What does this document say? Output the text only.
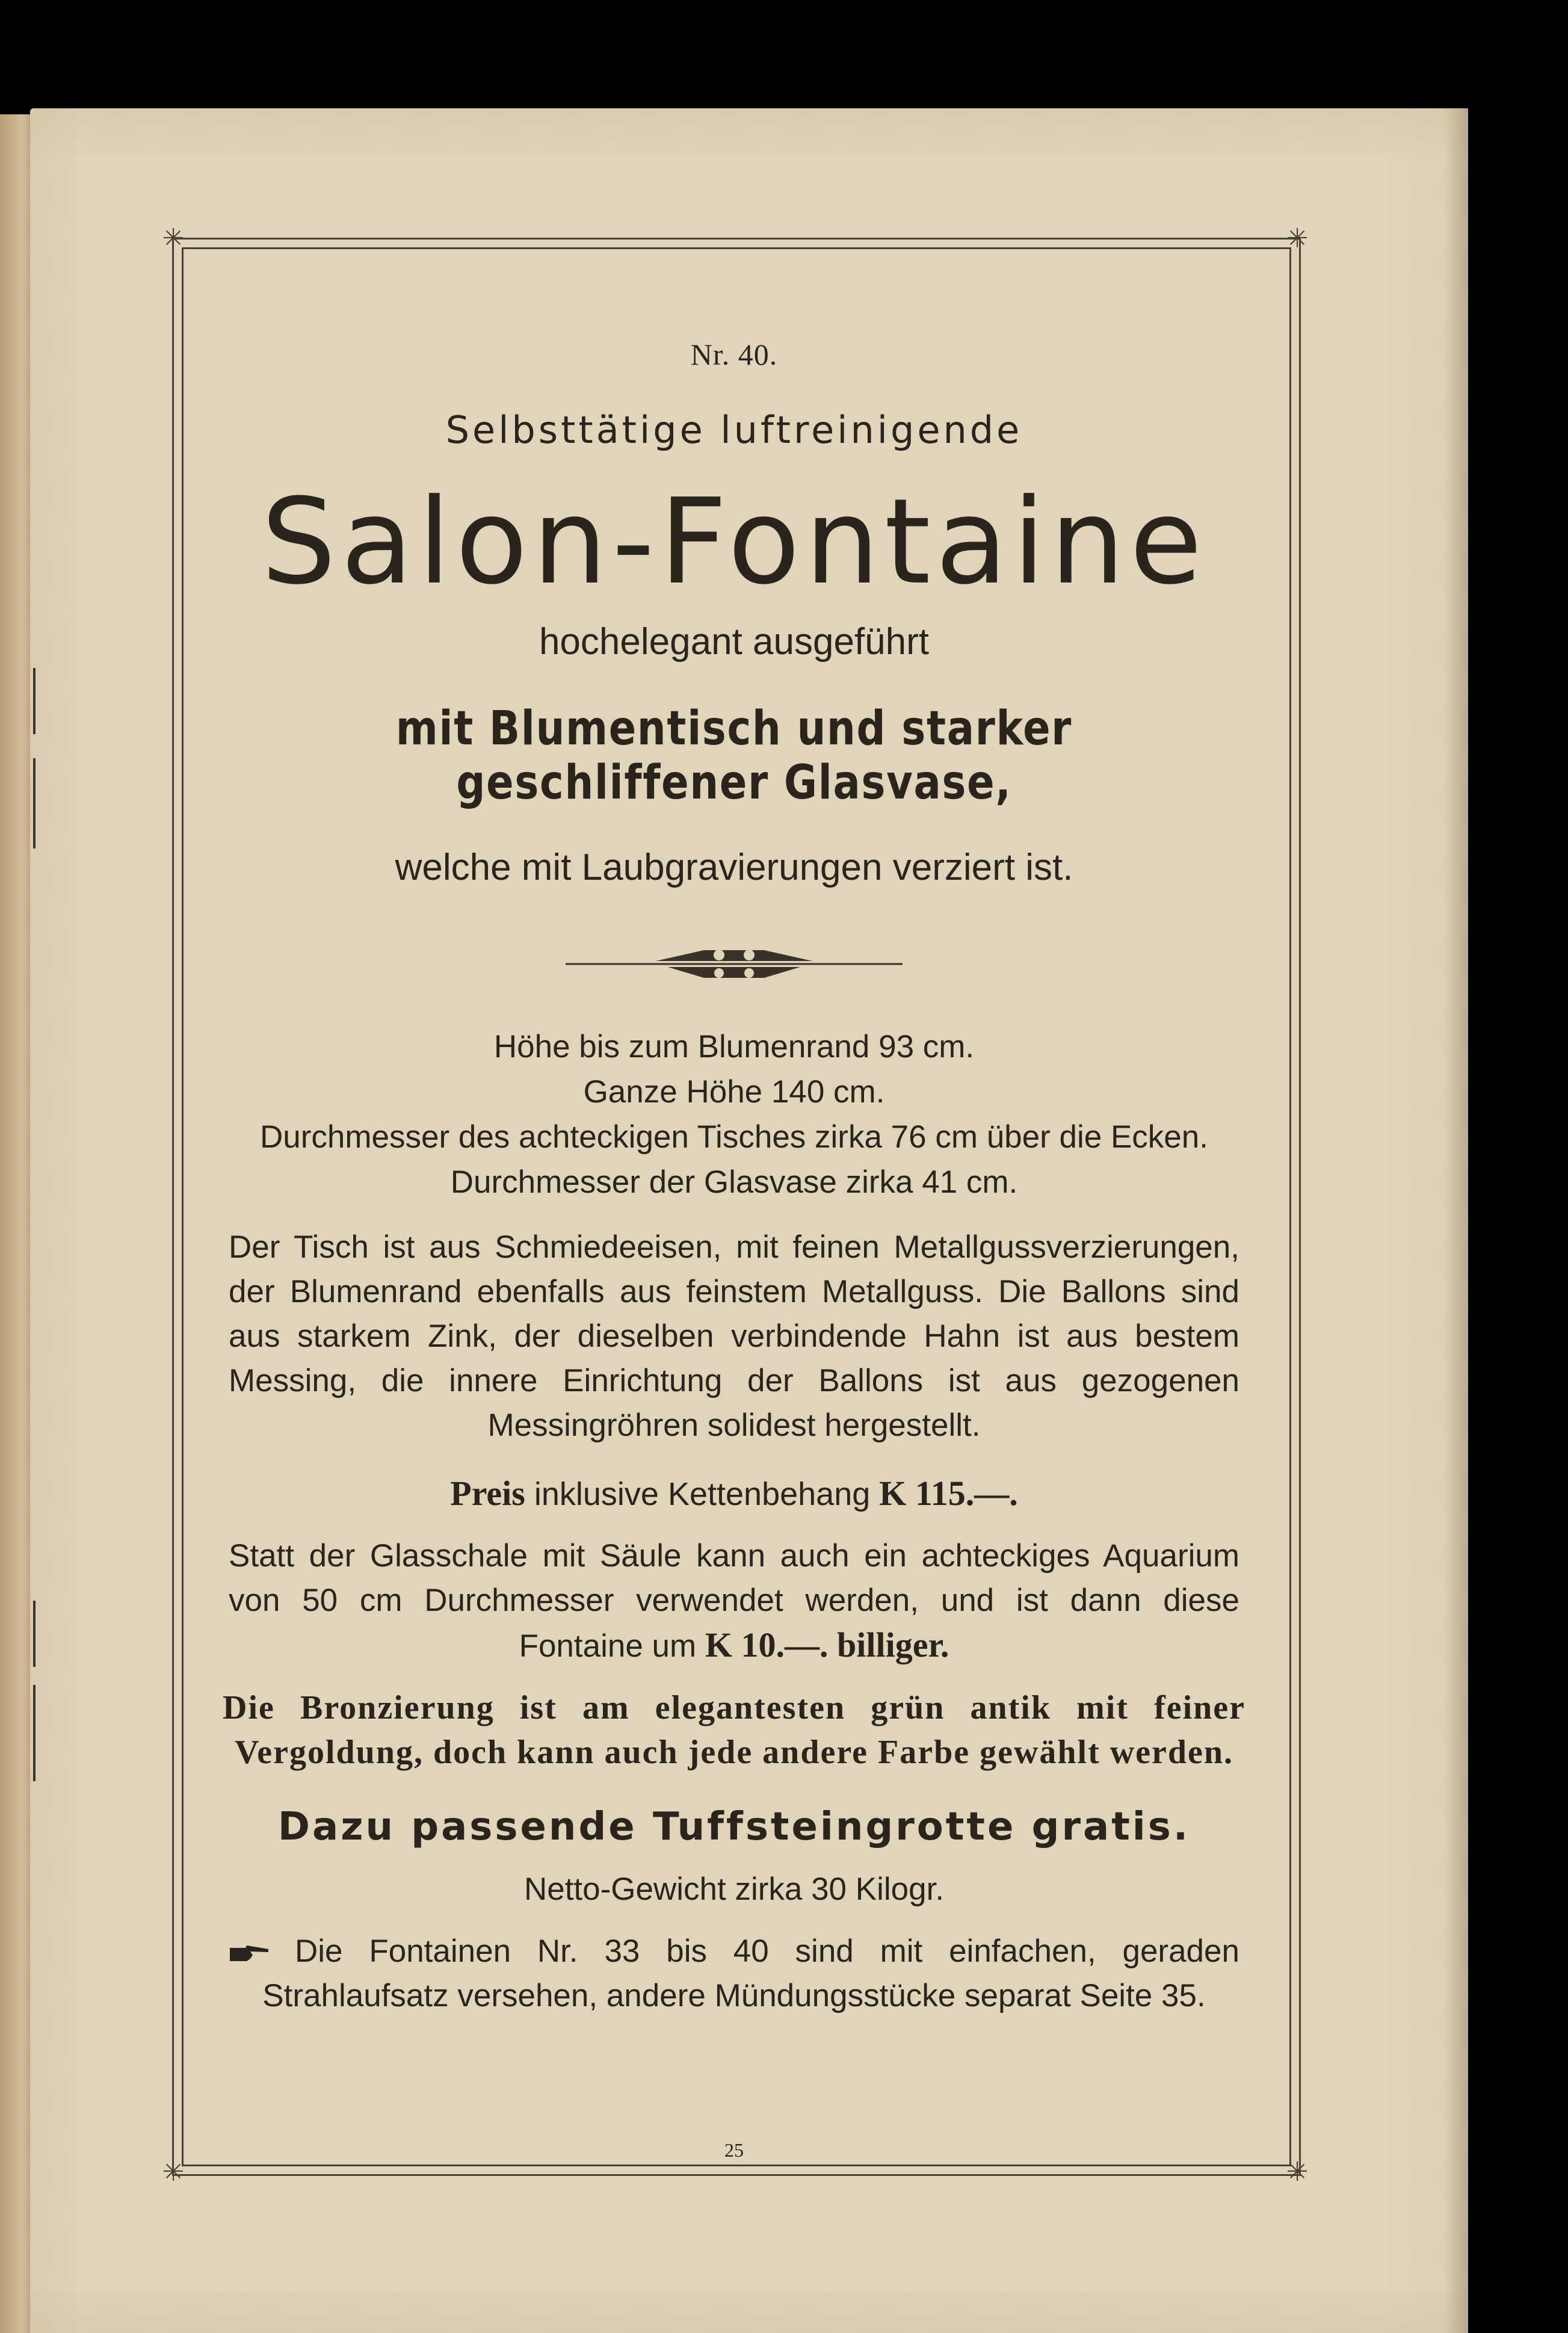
✳	✳
✳	✳
Nr. 40.
Selbsttätige luftreinigende
Salon-Fontaine
hochelegant ausgeführt
mit Blumentisch und starker geschliffener Glasvase,
welche mit Laubgravierungen verziert ist.
Höhe bis zum Blumenrand 93 cm.
Ganze Höhe 140 cm.
Durchmesser des achteckigen Tisches zirka 76 cm über die Ecken.
Durchmesser der Glasvase zirka 41 cm.
Der Tisch ist aus Schmiedeeisen, mit feinen Metallgussverzierungen, der Blumenrand ebenfalls aus feinstem Metallguss. Die Ballons sind aus starkem Zink, der dieselben verbindende Hahn ist aus bestem Messing, die innere Einrichtung der Ballons ist aus gezogenen Messingröhren solidest hergestellt.
Preis inklusive Kettenbehang K 115.—.
Statt der Glasschale mit Säule kann auch ein achteckiges Aquarium von 50 cm Durchmesser verwendet werden, und ist dann diese Fontaine um K 10.—. billiger.
Die Bronzierung ist am elegantesten grün antik mit feiner Vergoldung, doch kann auch jede andere Farbe gewählt werden.
Dazu passende Tuffsteingrotte gratis.
Netto-Gewicht zirka 30 Kilogr.
Die Fontainen Nr. 33 bis 40 sind mit einfachen, geraden Strahlaufsatz versehen, andere Mündungsstücke separat Seite 35.
25
